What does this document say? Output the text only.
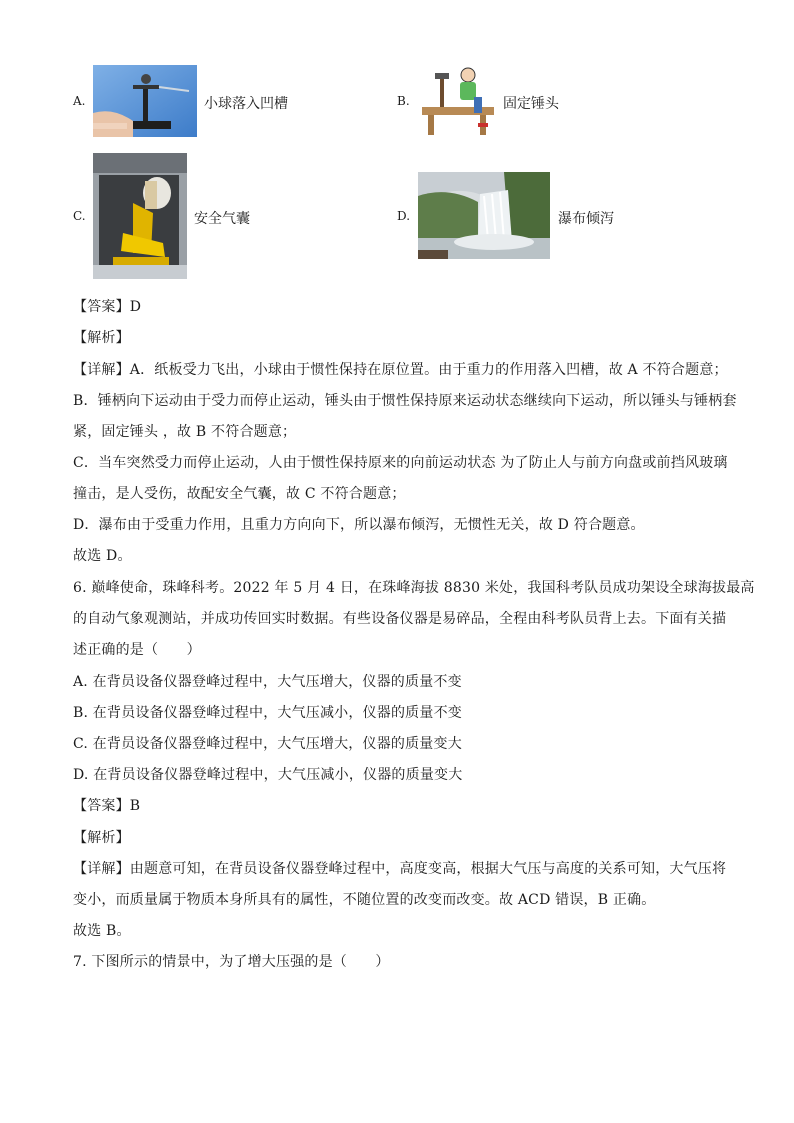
A.	小球落入凹槽	B.	固定锤头
C.	安全气囊	D.	瀑布倾泻
【答案】D
【解析】
【详解】A．纸板受力飞出，小球由于惯性保持在原位置。由于重力的作用落入凹槽，故 A 不符合题意；
B．锤柄向下运动由于受力而停止运动，锤头由于惯性保持原来运动状态继续向下运动，所以锤头与锤柄套
紧，固定锤头 ，故 B 不符合题意；
C．当车突然受力而停止运动，人由于惯性保持原来的向前运动状态 为了防止人与前方向盘或前挡风玻璃
撞击，是人受伤，故配安全气囊，故 C 不符合题意；
D．瀑布由于受重力作用，且重力方向向下，所以瀑布倾泻，无惯性无关，故 D 符合题意。
故选 D。
6. 巅峰使命，珠峰科考。2022 年 5 月 4 日，在珠峰海拔 8830 米处，我国科考队员成功架设全球海拔最高
的自动气象观测站，并成功传回实时数据。有些设备仪器是易碎品，全程由科考队员背上去。下面有关描
述正确的是（　　）
A. 在背员设备仪器登峰过程中，大气压增大，仪器的质量不变
B. 在背员设备仪器登峰过程中，大气压减小，仪器的质量不变
C. 在背员设备仪器登峰过程中，大气压增大，仪器的质量变大
D. 在背员设备仪器登峰过程中，大气压减小，仪器的质量变大
【答案】B
【解析】
【详解】由题意可知，在背员设备仪器登峰过程中，高度变高，根据大气压与高度的关系可知，大气压将
变小，而质量属于物质本身所具有的属性，不随位置的改变而改变。故 ACD 错误，B 正确。
故选 B。
7. 下图所示的情景中，为了增大压强的是（　　）
